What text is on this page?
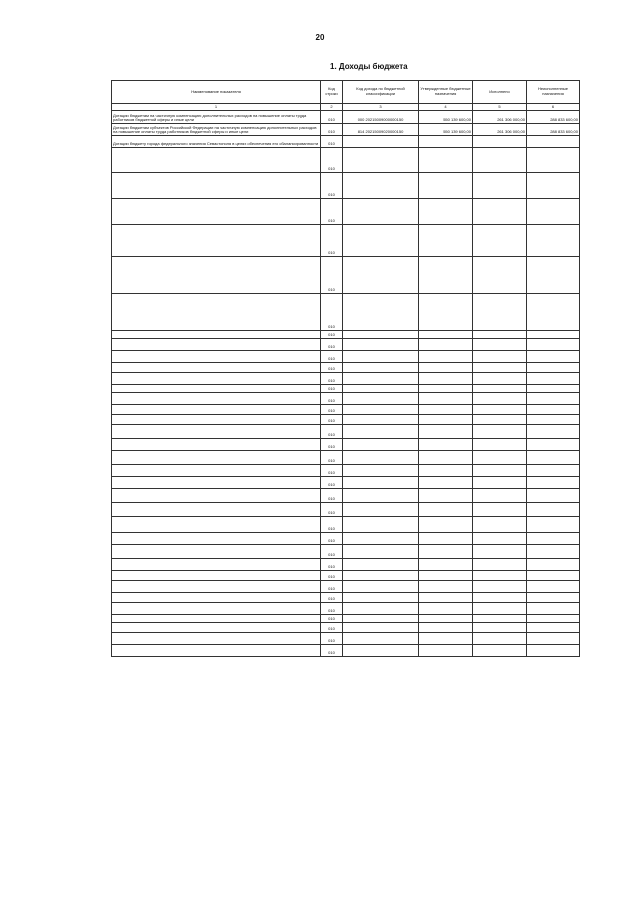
20
1. Доходы бюджета
Наименование показателя	Код строки	Код дохода по бюджетной классификации	Утвержденные бюджетные назначения	Исполнено	Неисполненные назначения
1	2	3	4	5	6
Дотации бюджетам на частичную компенсацию дополнительных расходов на повышение оплаты труда работников бюджетной сферы и иные цели	010	000 20215009000000150	550 139 600,00	261 306 000,00	288 833 600,00
Дотации бюджетам субъектов Российской Федерации на частичную компенсацию дополнительных расходов на повышение оплаты труда работников бюджетной сферы и иные цели	010	814 20215009020000150	550 139 600,00	261 306 000,00	288 833 600,00
Дотации бюджету города федерального значения Севастополя в целях обеспечения его сбалансированности	010				
	010				
	010				
	010				
	010				
	010				
	010				
	010				
	010				
	010				
	010				
	010				
	010				
	010				
	010				
	010				
	010				
	010				
	010				
	010				
	010				
	010				
	010				
	010				
	010				
	010				
	010				
	010				
	010				
	010				
	010				
	010				
	010				
	010				
	010				
